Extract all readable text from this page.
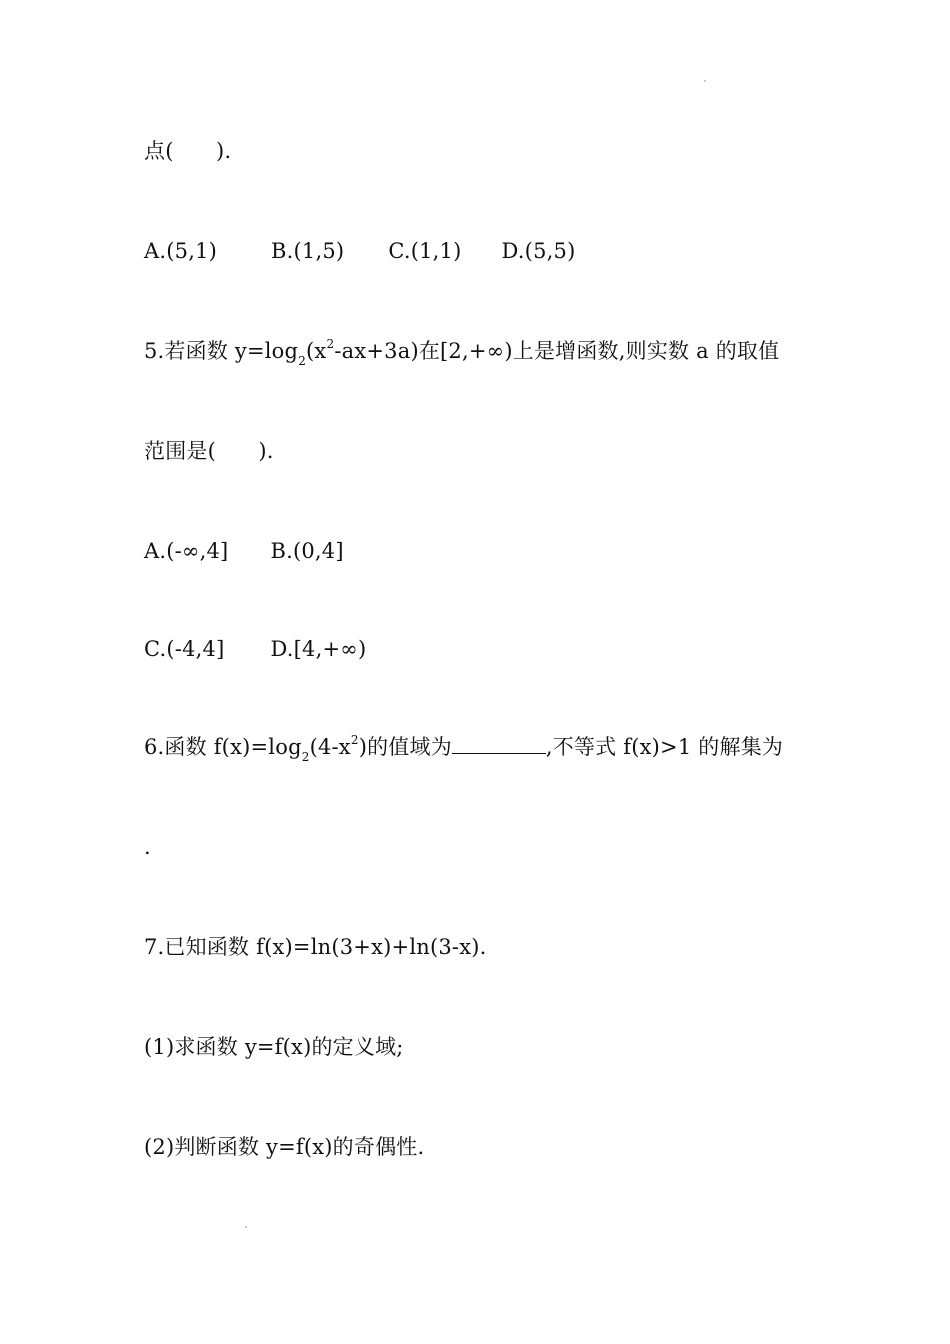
点(　　).
A.(5,1)	B.(1,5) C.(1,1) D.(5,5)
5.若函数 $y=\log_2(x^2-ax+3a)$在[2,+∞)上是增函数,则实数 a 的取值
范围是(　　).
A.(-∞,4] B.(0,4]
C.(-4,4] D.[4,+∞)
6.函数 $f(x)=\log_2(4-x^2)$的值域为	,不等式 f(x)>1 的解集为
.
7.已知函数 f(x)=ln(3+x)+ln(3-x).
(1)求函数 y=f(x)的定义域;
(2)判断函数 y=f(x)的奇偶性.
